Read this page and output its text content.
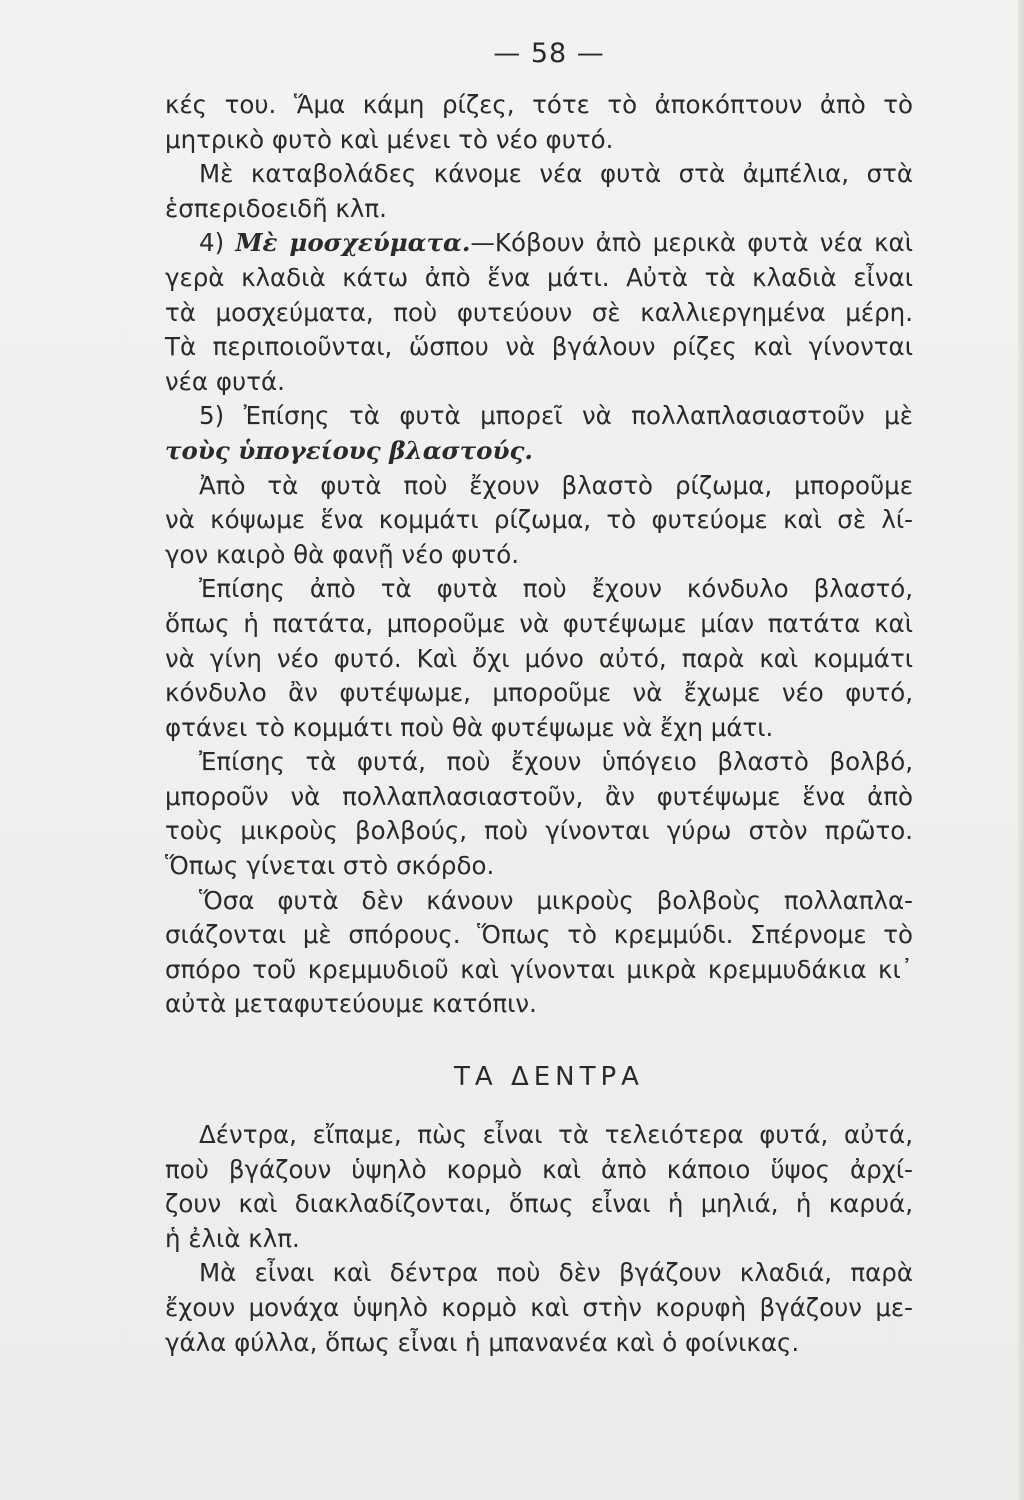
— 58 —
κές του. Ἅμα κάμη ρίζες, τότε τὸ ἀποκόπτουν ἀπὸ τὸ
μητρικὸ φυτὸ καὶ μένει τὸ νέο φυτό.
Μὲ καταβολάδες κάνομε νέα φυτὰ στὰ ἀμπέλια, στὰ
ἑσπεριδοειδῆ κλπ.
4) Μὲ μοσχεύματα.—Κόβουν ἀπὸ μερικὰ φυτὰ νέα καὶ
γερὰ κλαδιὰ κάτω ἀπὸ ἕνα μάτι. Αὐτὰ τὰ κλαδιὰ εἶναι
τὰ μοσχεύματα, ποὺ φυτεύουν σὲ καλλιεργημένα μέρη.
Τὰ περιποιοῦνται, ὥσπου νὰ βγάλουν ρίζες καὶ γίνονται
νέα φυτά.
5) Ἐπίσης τὰ φυτὰ μπορεῖ νὰ πολλαπλασιαστοῦν μὲ
τοὺς ὑπογείους βλαστούς.
Ἀπὸ τὰ φυτὰ ποὺ ἔχουν βλαστὸ ρίζωμα, μποροῦμε
νὰ κόψωμε ἕνα κομμάτι ρίζωμα, τὸ φυτεύομε καὶ σὲ λί-
γον καιρὸ θὰ φανῇ νέο φυτό.
Ἐπίσης ἀπὸ τὰ φυτὰ ποὺ ἔχουν κόνδυλο βλαστό,
ὅπως ἡ πατάτα, μποροῦμε νὰ φυτέψωμε μίαν πατάτα καὶ
νὰ γίνη νέο φυτό. Καὶ ὄχι μόνο αὐτό, παρὰ καὶ κομμάτι
κόνδυλο ἂν φυτέψωμε, μποροῦμε νὰ ἔχωμε νέο φυτό,
φτάνει τὸ κομμάτι ποὺ θὰ φυτέψωμε νὰ ἔχη μάτι.
Ἐπίσης τὰ φυτά, ποὺ ἔχουν ὑπόγειο βλαστὸ βολβό,
μποροῦν νὰ πολλαπλασιαστοῦν, ἂν φυτέψωμε ἕνα ἀπὸ
τοὺς μικροὺς βολβούς, ποὺ γίνονται γύρω στὸν πρῶτο.
Ὅπως γίνεται στὸ σκόρδο.
Ὅσα φυτὰ δὲν κάνουν μικροὺς βολβοὺς πολλαπλα-
σιάζονται μὲ σπόρους. Ὅπως τὸ κρεμμύδι. Σπέρνομε τὸ
σπόρο τοῦ κρεμμυδιοῦ καὶ γίνονται μικρὰ κρεμμυδάκια κι᾽
αὐτὰ μεταφυτεύουμε κατόπιν.
ΤΑ ΔΕΝΤΡΑ
Δέντρα, εἴπαμε, πὼς εἶναι τὰ τελειότερα φυτά, αὐτά,
ποὺ βγάζουν ὑψηλὸ κορμὸ καὶ ἀπὸ κάποιο ὕψος ἀρχί-
ζουν καὶ διακλαδίζονται, ὅπως εἶναι ἡ μηλιά, ἡ καρυά,
ἡ ἐλιὰ κλπ.
Μὰ εἶναι καὶ δέντρα ποὺ δὲν βγάζουν κλαδιά, παρὰ
ἔχουν μονάχα ὑψηλὸ κορμὸ καὶ στὴν κορυφὴ βγάζουν με-
γάλα φύλλα, ὅπως εἶναι ἡ μπανανέα καὶ ὁ φοίνικας.
